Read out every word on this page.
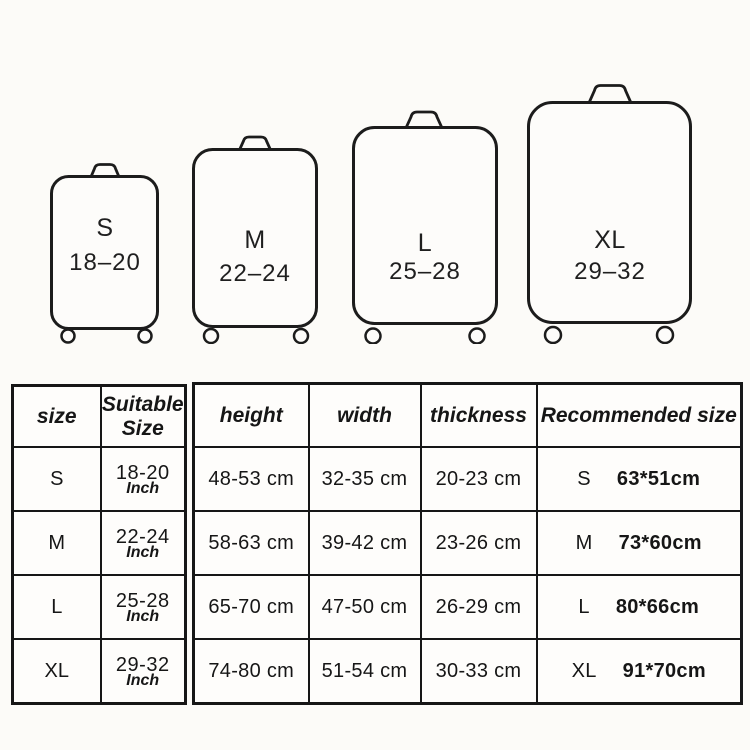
S
18–20
M
22–24
L
25–28
XL
29–32
size	Suitable Size
S	18-20
Inch

M	22-24
Inch

L	25-28
Inch

XL	29-32
Inch
height	width	thickness	Recommended size
48-53 cm	32-35 cm	20-23 cm	S 63*51cm

58-63 cm	39-42 cm	23-26 cm	M 73*60cm

65-70 cm	47-50 cm	26-29 cm	L 80*66cm

74-80 cm	51-54 cm	30-33 cm	XL 91*70cm
